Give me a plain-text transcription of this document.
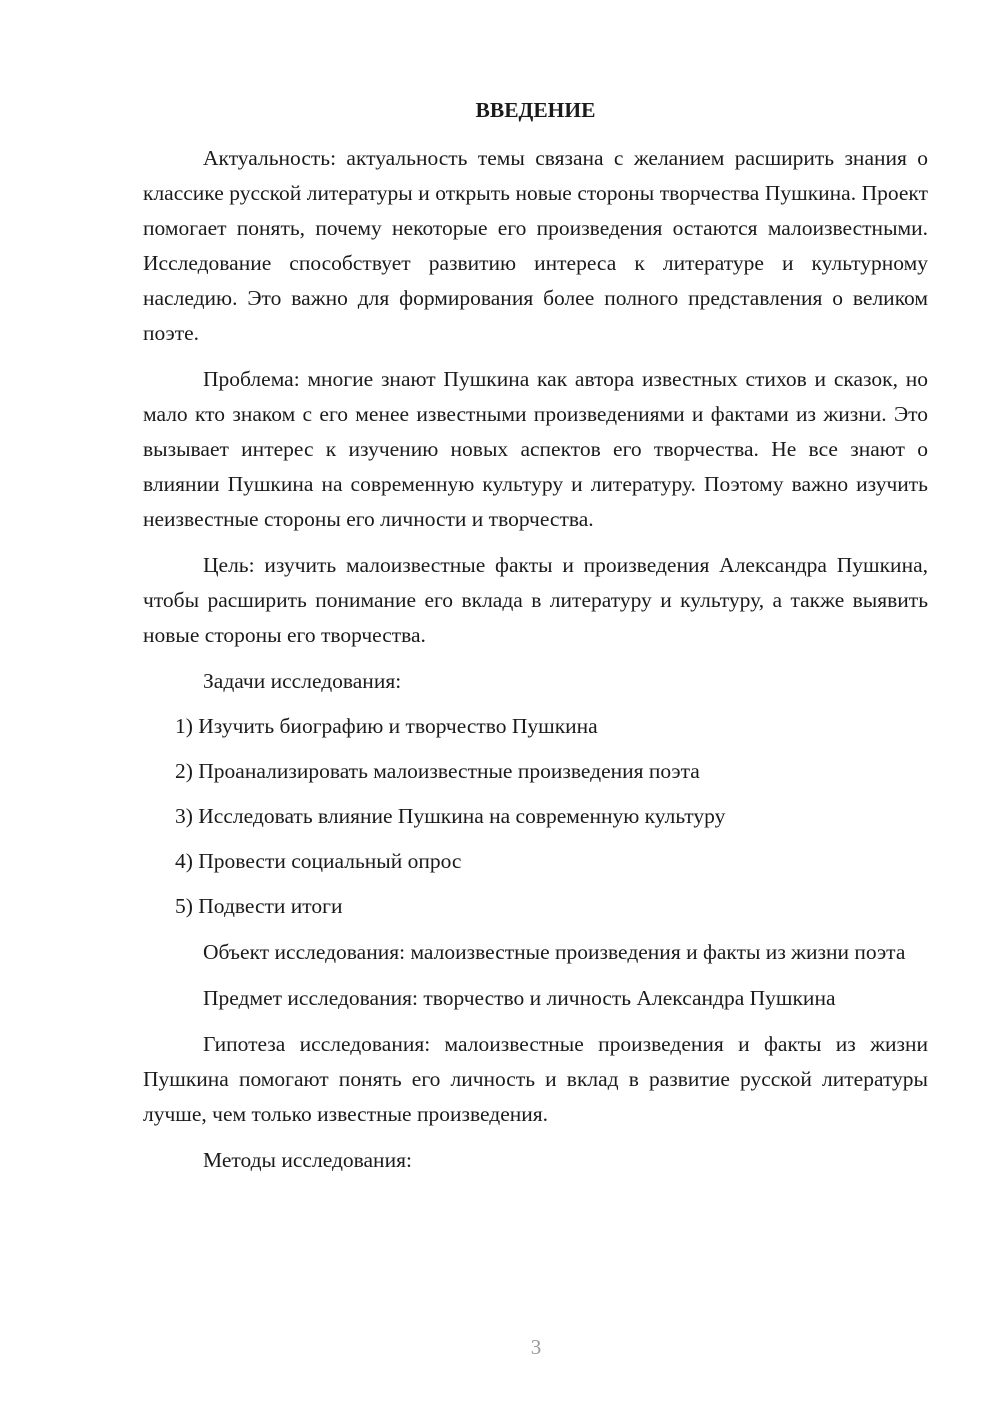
ВВЕДЕНИЕ

Актуальность: актуальность темы связана с желанием расширить знания о классике русской литературы и открыть новые стороны творчества Пушкина. Проект помогает понять, почему некоторые его произведения остаются малоизвестными. Исследование способствует развитию интереса к литературе и культурному наследию. Это важно для формирования более полного представления о великом поэте.

Проблема: многие знают Пушкина как автора известных стихов и сказок, но мало кто знаком с его менее известными произведениями и фактами из жизни. Это вызывает интерес к изучению новых аспектов его творчества. Не все знают о влиянии Пушкина на современную культуру и литературу. Поэтому важно изучить неизвестные стороны его личности и творчества.

Цель: изучить малоизвестные факты и произведения Александра Пушкина, чтобы расширить понимание его вклада в литературу и культуру, а также выявить новые стороны его творчества.

Задачи исследования:

1) Изучить биографию и творчество Пушкина
2) Проанализировать малоизвестные произведения поэта
3) Исследовать влияние Пушкина на современную культуру
4) Провести социальный опрос
5) Подвести итоги

Объект исследования: малоизвестные произведения и факты из жизни поэта

Предмет исследования: творчество и личность Александра Пушкина

Гипотеза исследования: малоизвестные произведения и факты из жизни Пушкина помогают понять его личность и вклад в развитие русской литературы лучше, чем только известные произведения.

Методы исследования:

3
